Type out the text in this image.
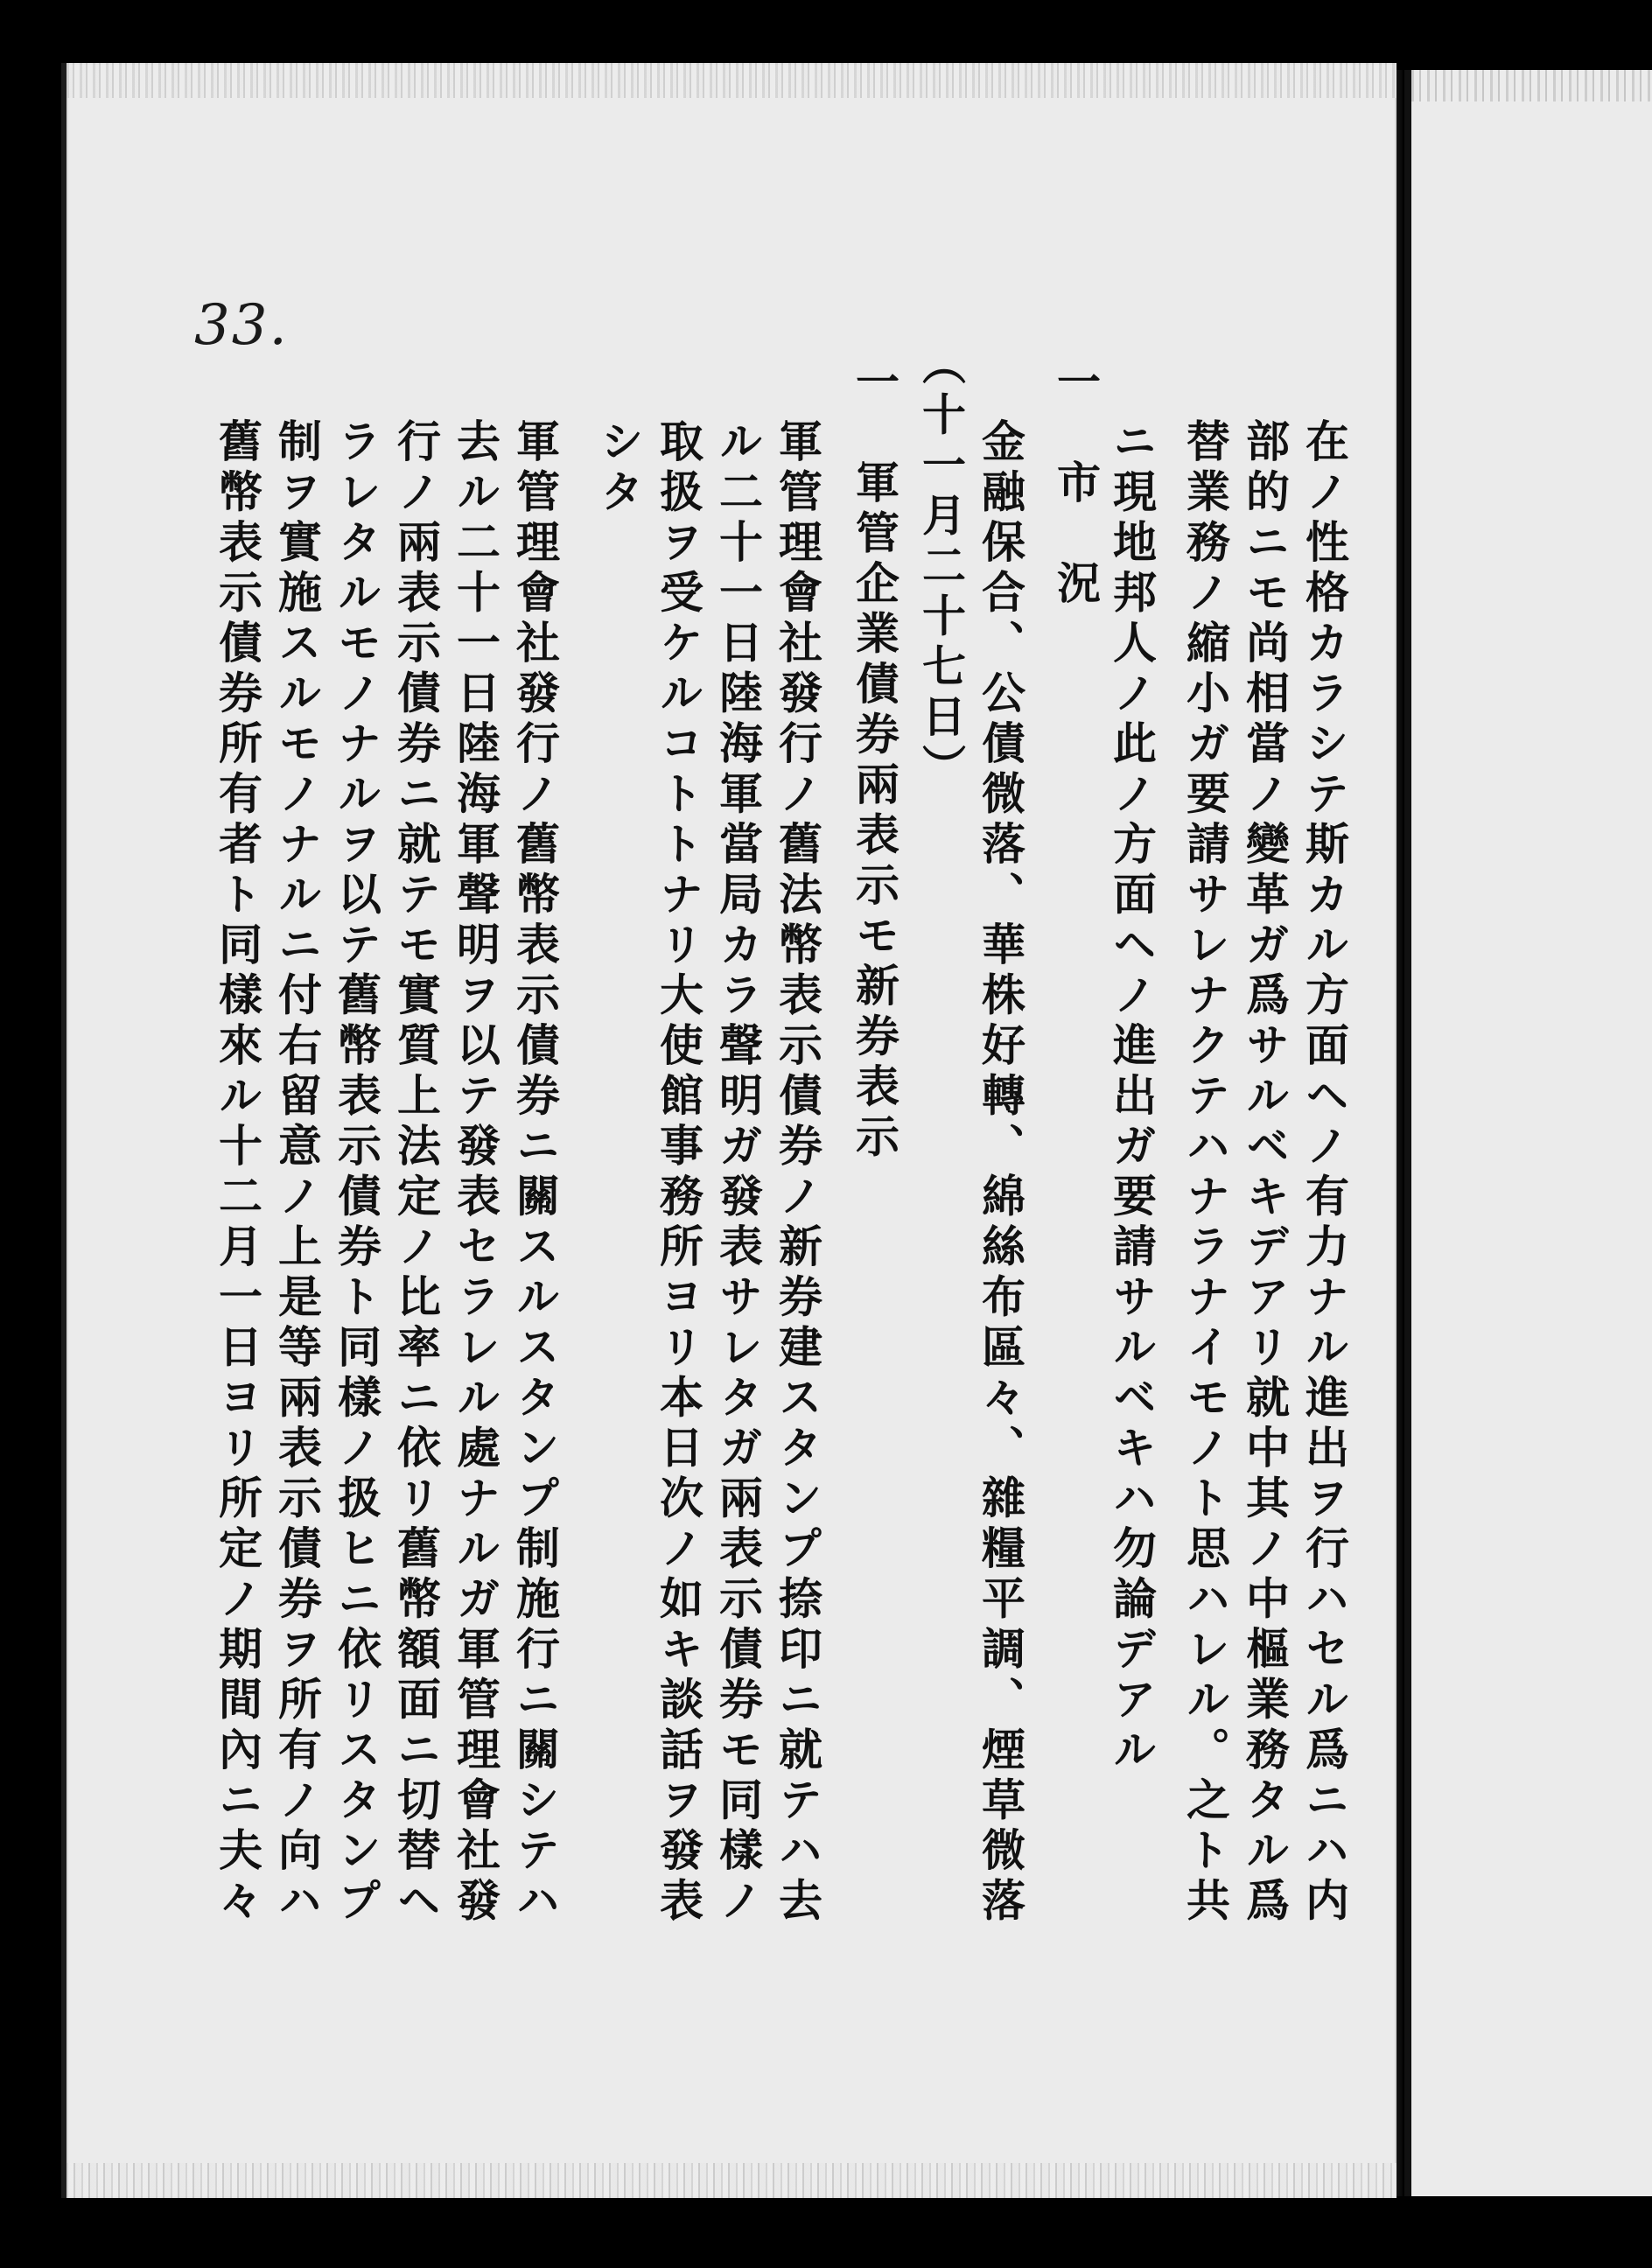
33.
在ノ性格カラシテ斯カル方面ヘノ有力ナル進出ヲ行ハセル爲ニハ内
部的ニモ尚相當ノ變革ガ爲サルベキデアリ就中其ノ中樞業務タル爲
替業務ノ縮小ガ要請サレナクテハナラナイモノト思ハレル。之ト共
ニ現地邦人ノ此ノ方面ヘノ進出ガ要請サルベキハ勿論デアル
一　市　況
金融保合、公債微落、華株好轉、綿絲布區々、雜糧平調、煙草微落
（十一月二十七日）
一　軍管企業債券兩表示モ新券表示
軍管理會社發行ノ舊法幣表示債券ノ新券建スタンプ捺印ニ就テハ去
ル二十一日陸海軍當局カラ聲明ガ發表サレタガ兩表示債券モ同樣ノ
取扱ヲ受ケルコトトナリ大使館事務所ヨリ本日次ノ如キ談話ヲ發表
シタ
軍管理會社發行ノ舊幣表示債券ニ關スルスタンプ制施行ニ關シテハ
去ル二十一日陸海軍聲明ヲ以テ發表セラレル處ナルガ軍管理會社發
行ノ兩表示債券ニ就テモ實質上法定ノ比率ニ依リ舊幣額面ニ切替ヘ
ラレタルモノナルヲ以テ舊幣表示債券ト同樣ノ扱ヒニ依リスタンプ
制ヲ實施スルモノナルニ付右留意ノ上是等兩表示債券ヲ所有ノ向ハ
舊幣表示債券所有者ト同樣來ル十二月一日ヨリ所定ノ期間內ニ夫々
